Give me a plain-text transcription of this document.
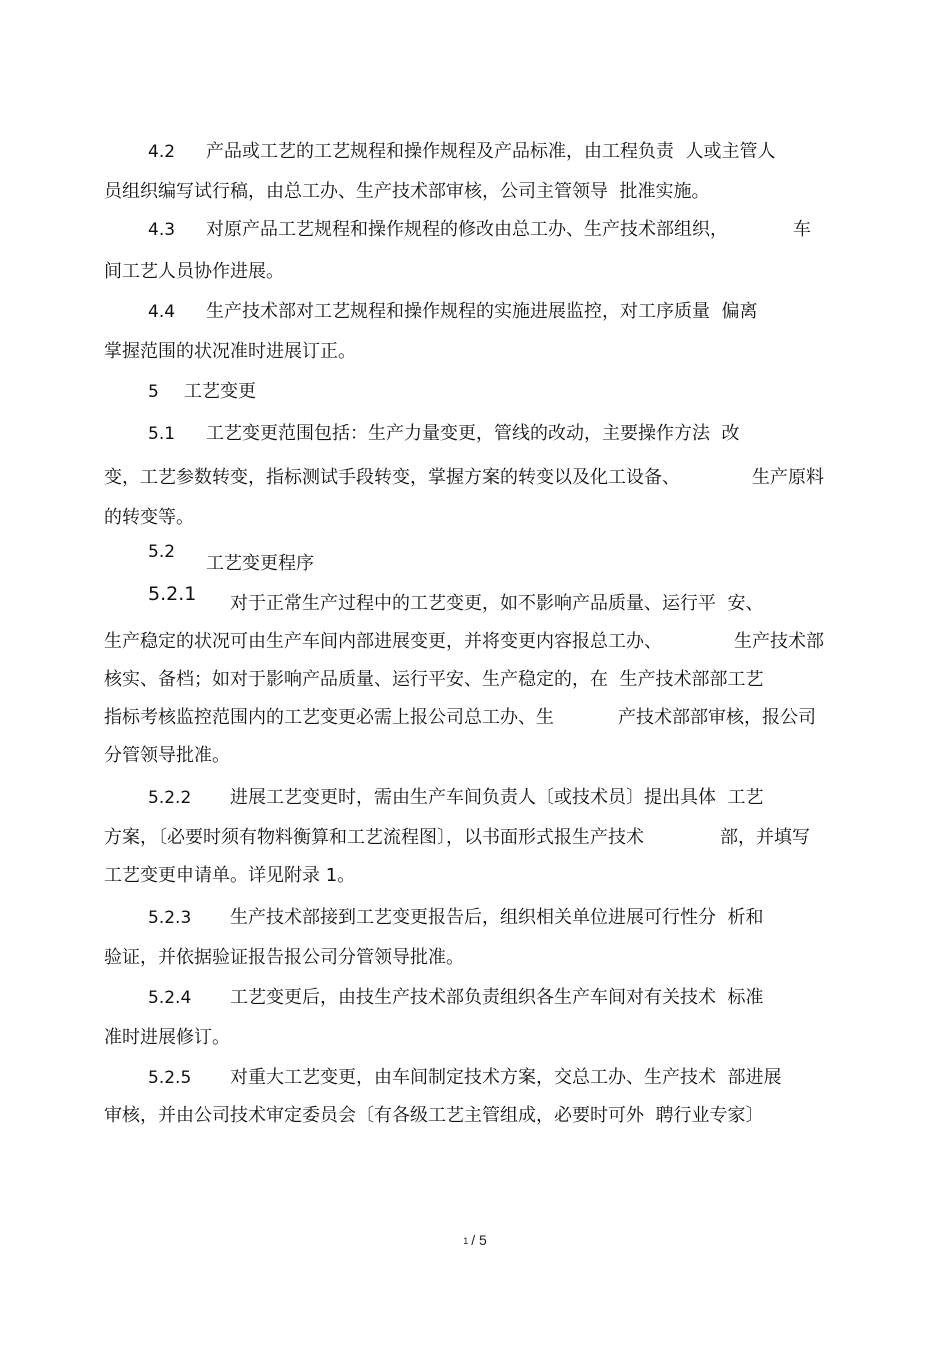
4.2 产品或工艺的工艺规程和操作规程及产品标准，由工程负责  人或主管人
员组织编写试行稿，由总工办、生产技术部审核，公司主管领导  批准实施。
4.3 对原产品工艺规程和操作规程的修改由总工办、生产技术部组织，	车
间工艺人员协作进展。
4.4 生产技术部对工艺规程和操作规程的实施进展监控，对工序质量  偏离
掌握范围的状况准时进展订正。
5 工艺变更
5.1 工艺变更范围包括：生产力量变更，管线的改动，主要操作方法  改
变，工艺参数转变，指标测试手段转变，掌握方案的转变以及化工设备、	生产原料
的转变等。
5.2
工艺变更程序
5.2.1 对于正常生产过程中的工艺变更，如不影响产品质量、运行平  安、
生产稳定的状况可由生产车间内部进展变更，并将变更内容报总工办、	生产技术部
核实、备档；如对于影响产品质量、运行平安、生产稳定的，在  生产技术部部工艺
指标考核监控范围内的工艺变更必需上报公司总工办、生	产技术部部审核，报公司
分管领导批准。
5.2.2 进展工艺变更时，需由生产车间负责人〔或技术员〕提出具体  工艺
方案，〔必要时须有物料衡算和工艺流程图〕，以书面形式报生产技术	部，并填写
工艺变更申请单。详见附录 1。
5.2.3 生产技术部接到工艺变更报告后，组织相关单位进展可行性分  析和
验证，并依据验证报告报公司分管领导批准。
5.2.4 工艺变更后，由技生产技术部负责组织各生产车间对有关技术  标准
准时进展修订。
5.2.5 对重大工艺变更，由车间制定技术方案，交总工办、生产技术  部进展
审核，并由公司技术审定委员会〔有各级工艺主管组成，必要时可外  聘行业专家〕
1 / 5
